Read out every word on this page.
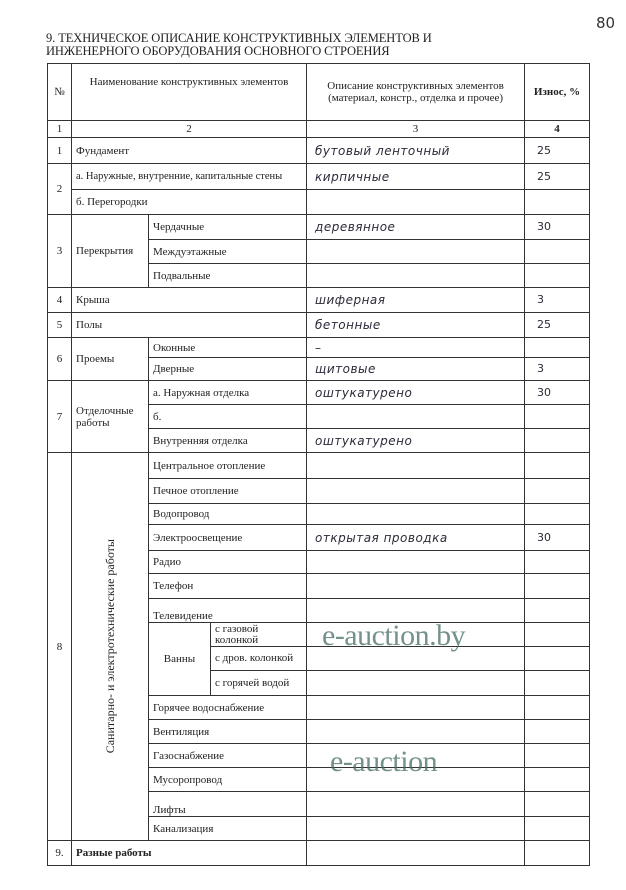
80
9. ТЕХНИЧЕСКОЕ ОПИСАНИЕ КОНСТРУКТИВНЫХ ЭЛЕМЕНТОВ И
ИНЖЕНЕРНОГО ОБОРУДОВАНИЯ ОСНОВНОГО СТРОЕНИЯ
№	Наименование конструктивных элементов			Описание конструктивных элементов (материал, констр., отделка и прочее)	Износ, %
1	2			3	4
1	Фундамент			бутовый ленточный	25
2	а. Наружные, внутренние, капитальные стены			кирпичные	25
	б. Перегородки				
3	Перекрытия	Чердачные		деревянное	30
		Междуэтажные			
		Подвальные			
4	Крыша			шиферная	3
5	Полы			бетонные	25
6	Проемы	Оконные		–	
		Дверные		щитовые	3
7	Отделочные работы	а. Наружная отделка		оштукатурено	30
		б.			
		Внутренняя отделка		оштукатурено	
8	Санитарно- и электротехнические работы	Центральное отопление			
		Печное отопление			
		Водопровод			
		Электроосвещение		открытая проводка	30
		Радио			
		Телефон			
		Телевидение			
		Ванны	с газовой колонкой		
			с дров. колонкой		
			с горячей водой		
		Горячее водоснабжение			
		Вентиляция			
		Газоснабжение			
		Мусоропровод			
		Лифты			
		Канализация			
9.	Разные работы				
e-auction.by
e-auction
